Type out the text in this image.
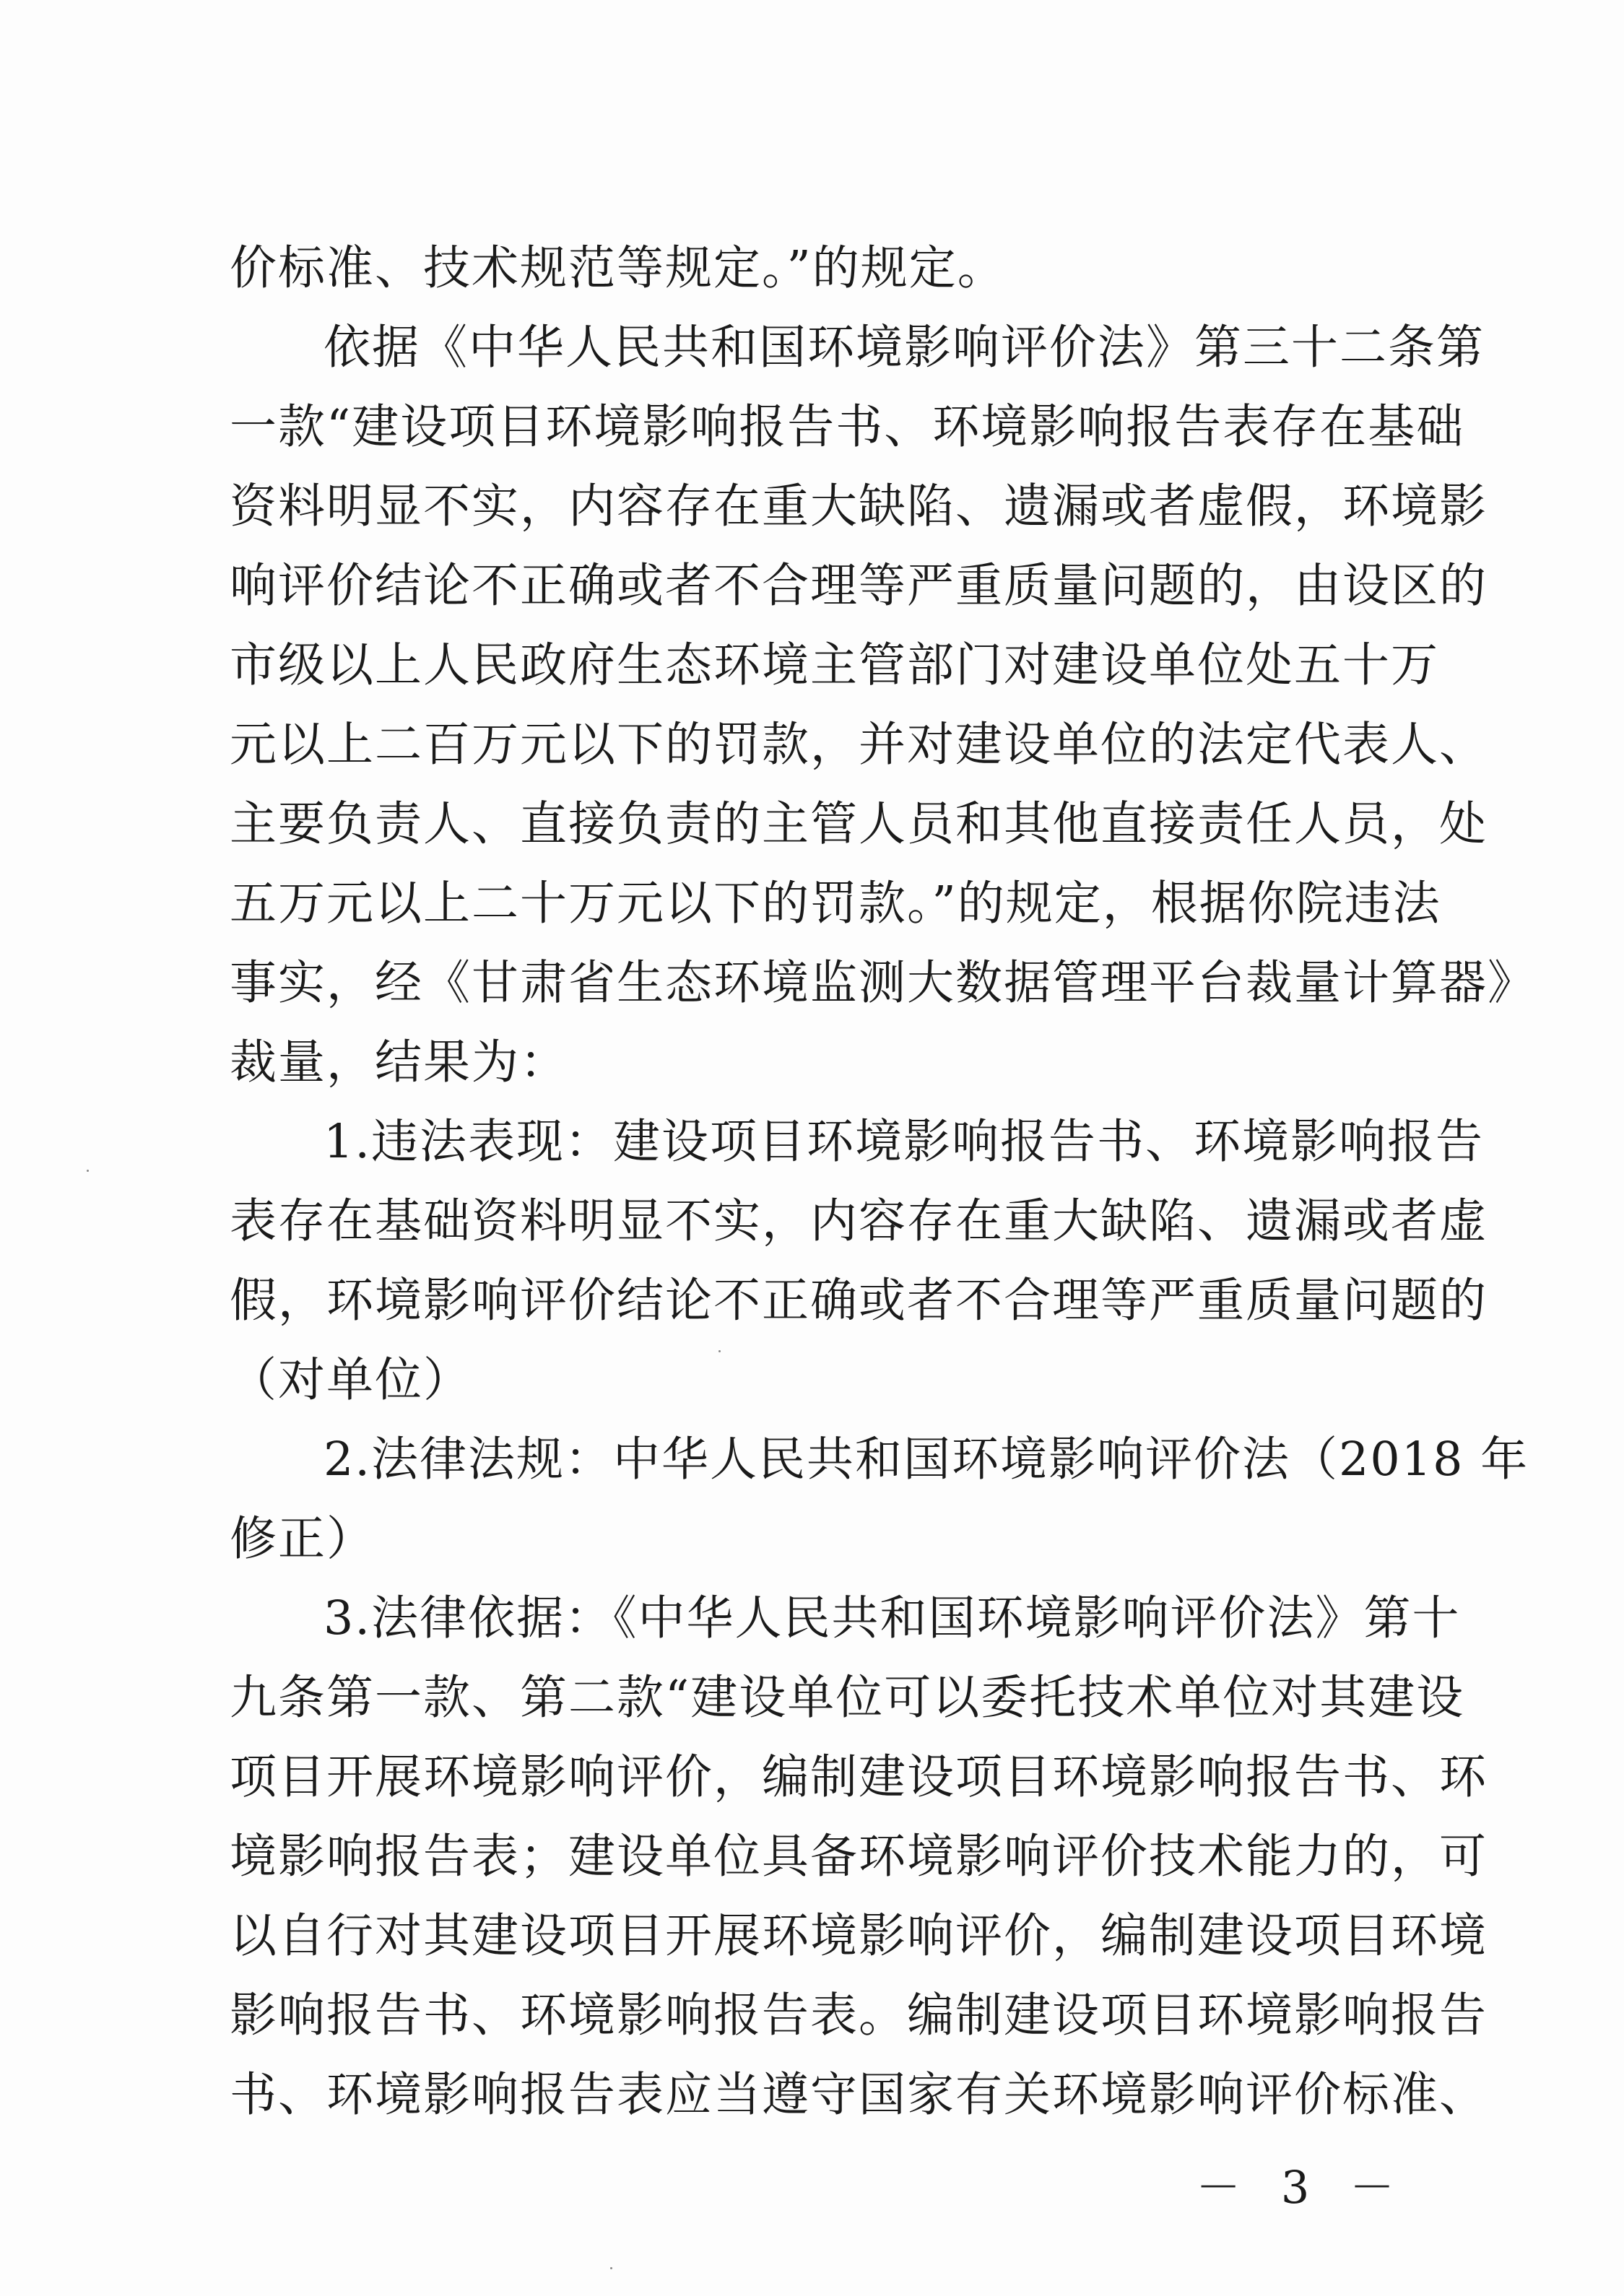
价标准、技术规范等规定。”的规定。
依据《中华人民共和国环境影响评价法》第三十二条第
一款“建设项目环境影响报告书、环境影响报告表存在基础
资料明显不实，内容存在重大缺陷、遗漏或者虚假，环境影
响评价结论不正确或者不合理等严重质量问题的，由设区的
市级以上人民政府生态环境主管部门对建设单位处五十万
元以上二百万元以下的罚款，并对建设单位的法定代表人、
主要负责人、直接负责的主管人员和其他直接责任人员，处
五万元以上二十万元以下的罚款。”的规定，根据你院违法
事实，经《甘肃省生态环境监测大数据管理平台裁量计算器》
裁量，结果为：
1.违法表现：建设项目环境影响报告书、环境影响报告
表存在基础资料明显不实，内容存在重大缺陷、遗漏或者虚
假，环境影响评价结论不正确或者不合理等严重质量问题的
（对单位）
2.法律法规：中华人民共和国环境影响评价法（2018 年
修正）
3.法律依据：《中华人民共和国环境影响评价法》第十
九条第一款、第二款“建设单位可以委托技术单位对其建设
项目开展环境影响评价，编制建设项目环境影响报告书、环
境影响报告表；建设单位具备环境影响评价技术能力的，可
以自行对其建设项目开展环境影响评价，编制建设项目环境
影响报告书、环境影响报告表。编制建设项目环境影响报告
书、环境影响报告表应当遵守国家有关环境影响评价标准、
－ 3 －
